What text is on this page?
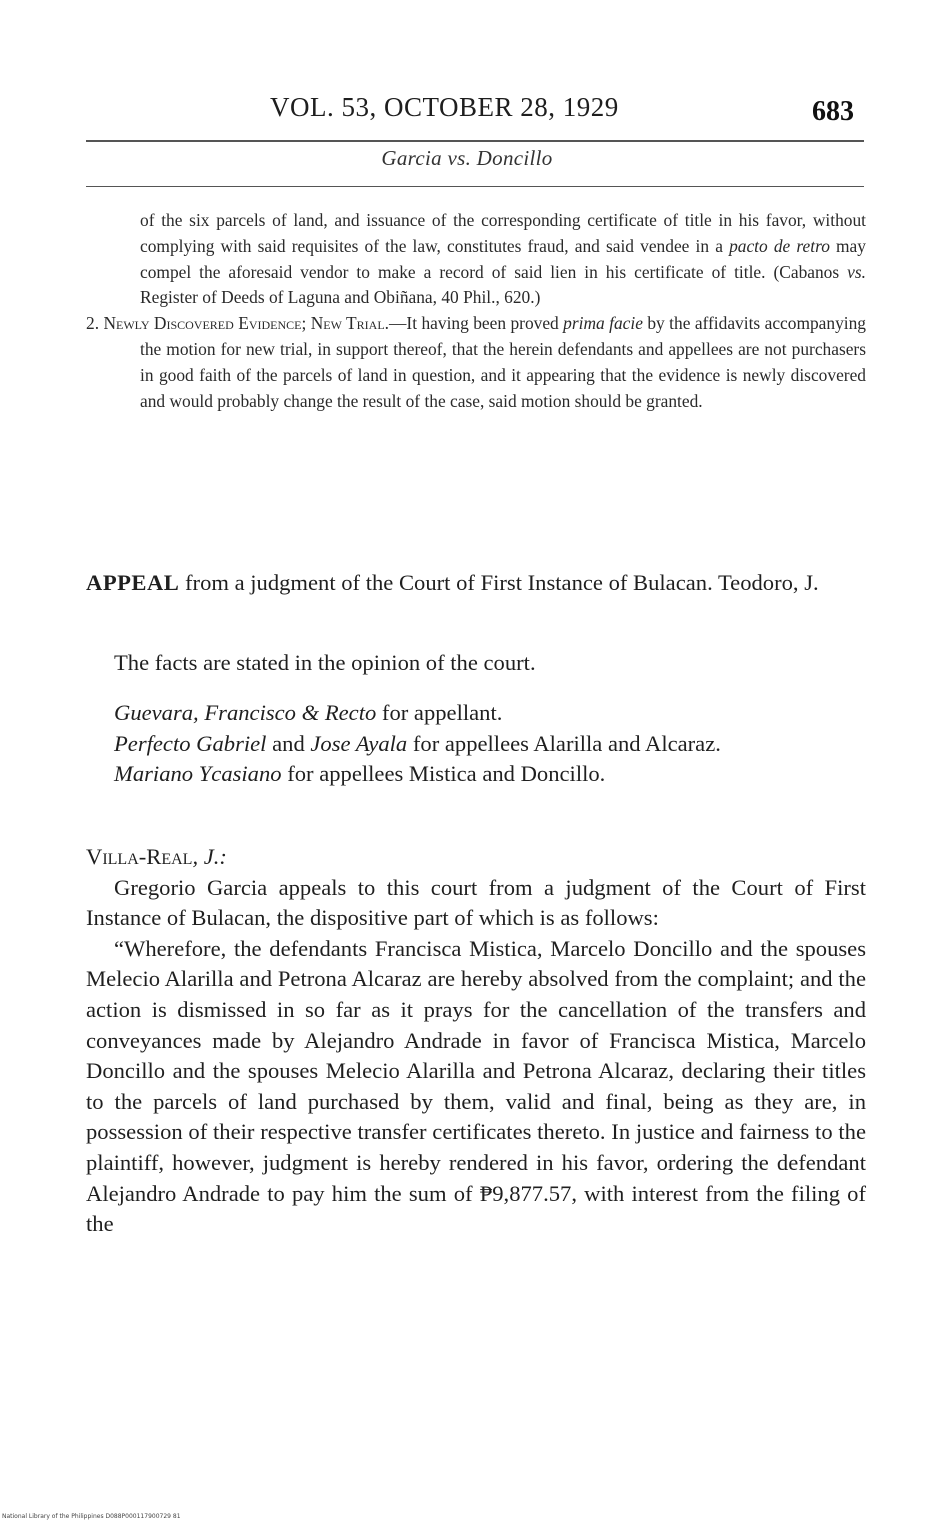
VOL. 53, OCTOBER 28, 1929	683
Garcia vs. Doncillo

of the six parcels of land, and issuance of the corresponding certificate of title in his favor, without complying with said requisites of the law, constitutes fraud, and said vendee in a pacto de retro may compel the aforesaid vendor to make a record of said lien in his certificate of title. (Cabanos vs. Register of Deeds of Laguna and Obiñana, 40 Phil., 620.)

2. Newly Discovered Evidence; New Trial.—It having been proved prima facie by the affidavits accompanying the motion for new trial, in support thereof, that the herein defendants and appellees are not purchasers in good faith of the parcels of land in question, and it appearing that the evidence is newly discovered and would probably change the result of the case, said motion should be granted.

APPEAL from a judgment of the Court of First Instance of Bulacan. Teodoro, J.

The facts are stated in the opinion of the court.

Guevara, Francisco & Recto for appellant.

Perfecto Gabriel and Jose Ayala for appellees Alarilla and Alcaraz.

Mariano Ycasiano for appellees Mistica and Doncillo.

Villa-Real, J.:

Gregorio Garcia appeals to this court from a judgment of the Court of First Instance of Bulacan, the dispositive part of which is as follows:

“Wherefore, the defendants Francisca Mistica, Marcelo Doncillo and the spouses Melecio Alarilla and Petrona Alcaraz are hereby absolved from the complaint; and the action is dismissed in so far as it prays for the cancellation of the transfers and conveyances made by Alejandro Andrade in favor of Francisca Mistica, Marcelo Doncillo and the spouses Melecio Alarilla and Petrona Alcaraz, declaring their titles to the parcels of land purchased by them, valid and final, being as they are, in possession of their respective transfer certificates thereto. In justice and fairness to the plaintiff, however, judgment is hereby rendered in his favor, ordering the defendant Alejandro Andrade to pay him the sum of ₱9,877.57, with interest from the filing of the

National Library of the Philippines D088P000117900729 81
